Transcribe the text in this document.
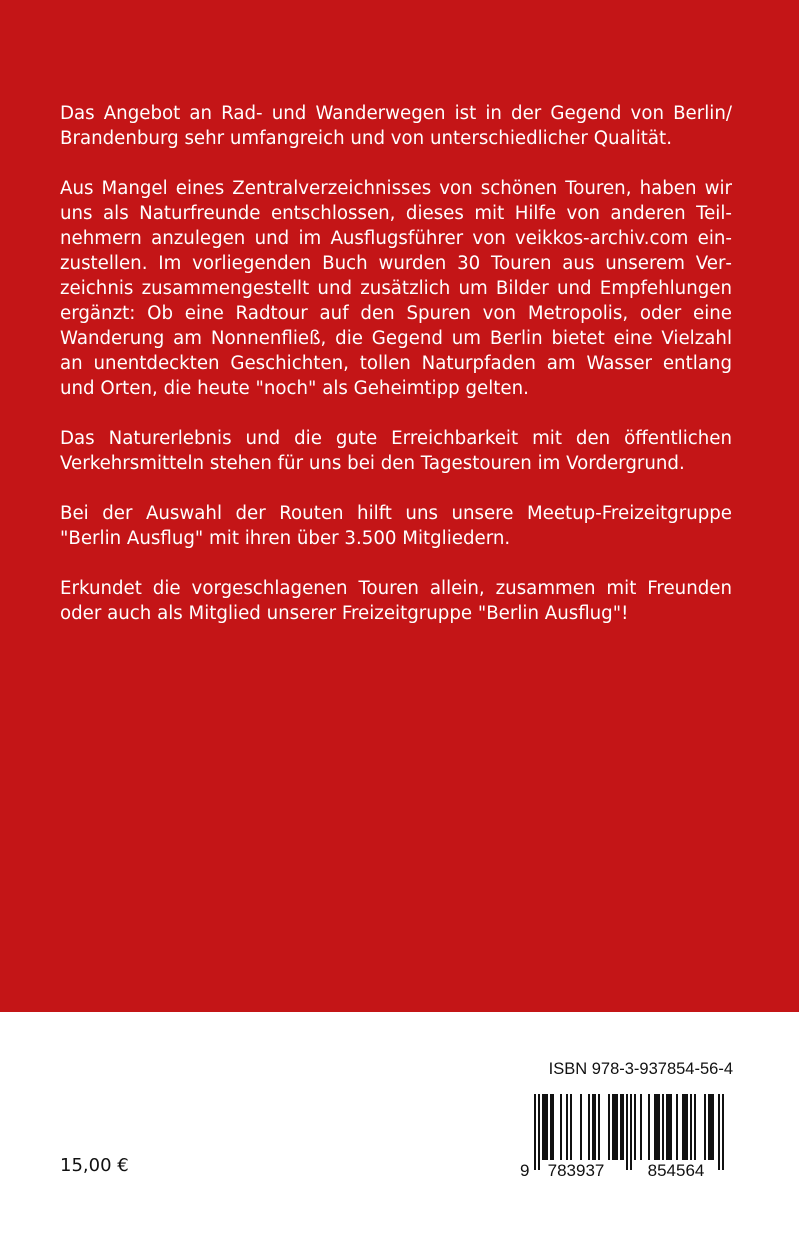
Das Angebot an Rad- und Wanderwegen ist in der Gegend von Berlin/ Brandenburg sehr umfangreich und von unterschiedlicher Qualität.

Aus Mangel eines Zentralverzeichnisses von schönen Touren, haben wir uns als Naturfreunde entschlossen, dieses mit Hilfe von anderen Teilnehmern anzulegen und im Ausflugsführer von veikkos-archiv.com einzustellen. Im vorliegenden Buch wurden 30 Touren aus unserem Verzeichnis zusammengestellt und zusätzlich um Bilder und Empfehlungen ergänzt: Ob eine Radtour auf den Spuren von Metropolis, oder eine Wanderung am Nonnenfließ, die Gegend um Berlin bietet eine Vielzahl an unentdeckten Geschichten, tollen Naturpfaden am Wasser entlang und Orten, die heute "noch" als Geheimtipp gelten.

Das Naturerlebnis und die gute Erreichbarkeit mit den öffentlichen Verkehrsmitteln stehen für uns bei den Tagestouren im Vordergrund.

Bei der Auswahl der Routen hilft uns unsere Meetup-Freizeitgruppe "Berlin Ausflug" mit ihren über 3.500 Mitgliedern.

Erkundet die vorgeschlagenen Touren allein, zusammen mit Freunden oder auch als Mitglied unserer Freizeitgruppe "Berlin Ausflug"!

15,00 €
ISBN 978-3-937854-56-4
9 783937	854564
